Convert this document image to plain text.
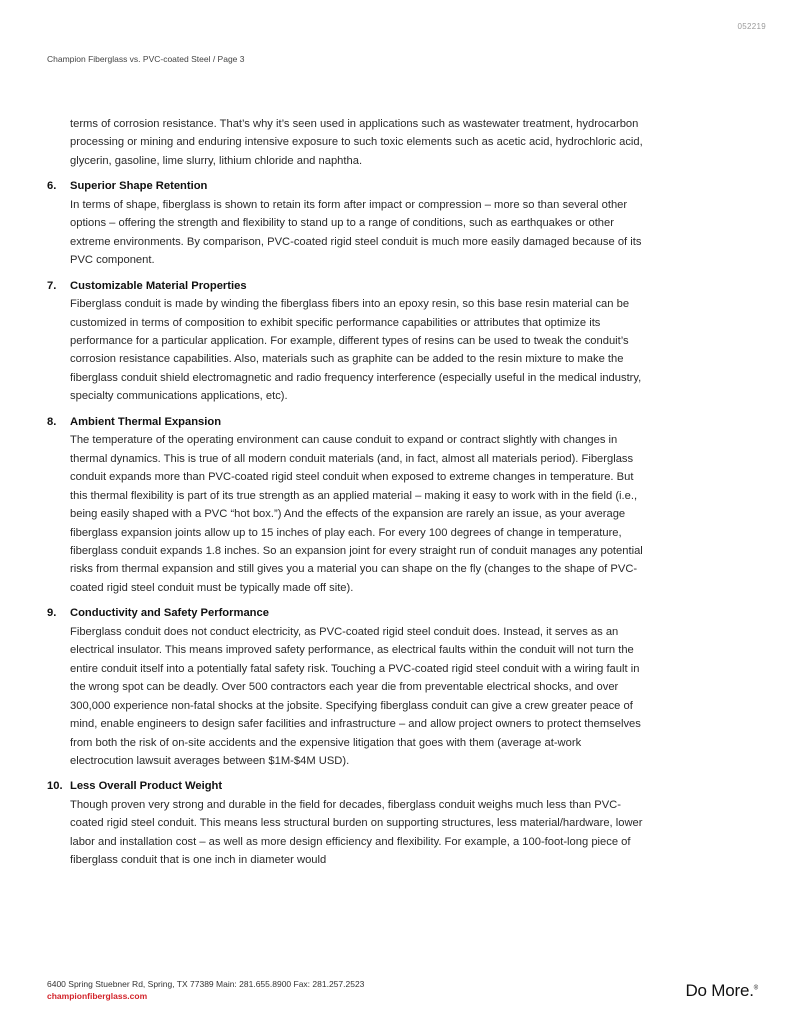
052219
Champion Fiberglass vs. PVC-coated Steel / Page 3

terms of corrosion resistance. That’s why it’s seen used in applications such as wastewater treatment, hydrocarbon processing or mining and enduring intensive exposure to such toxic elements such as acetic acid, hydrochloric acid, glycerin, gasoline, lime slurry, lithium chloride and naphtha.

6.	Superior Shape Retention

In terms of shape, fiberglass is shown to retain its form after impact or compression – more so than several other options – offering the strength and flexibility to stand up to a range of conditions, such as earthquakes or other extreme environments. By comparison, PVC-coated rigid steel conduit is much more easily damaged because of its PVC component.

7.	Customizable Material Properties

Fiberglass conduit is made by winding the fiberglass fibers into an epoxy resin, so this base resin material can be customized in terms of composition to exhibit specific performance capabilities or attributes that optimize its performance for a particular application. For example, different types of resins can be used to tweak the conduit’s corrosion resistance capabilities. Also, materials such as graphite can be added to the resin mixture to make the fiberglass conduit shield electromagnetic and radio frequency interference (especially useful in the medical industry, specialty communications applications, etc).

8.	Ambient Thermal Expansion

The temperature of the operating environment can cause conduit to expand or contract slightly with changes in thermal dynamics. This is true of all modern conduit materials (and, in fact, almost all materials period). Fiberglass conduit expands more than PVC-coated rigid steel conduit when exposed to extreme changes in temperature. But this thermal flexibility is part of its true strength as an applied material – making it easy to work with in the field (i.e., being easily shaped with a PVC “hot box.”) And the effects of the expansion are rarely an issue, as your average fiberglass expansion joints allow up to 15 inches of play each. For every 100 degrees of change in temperature, fiberglass conduit expands 1.8 inches. So an expansion joint for every straight run of conduit manages any potential risks from thermal expansion and still gives you a material you can shape on the fly (changes to the shape of PVC-coated rigid steel conduit must be typically made off site).

9.	Conductivity and Safety Performance

Fiberglass conduit does not conduct electricity, as PVC-coated rigid steel conduit does. Instead, it serves as an electrical insulator. This means improved safety performance, as electrical faults within the conduit will not turn the entire conduit itself into a potentially fatal safety risk. Touching a PVC-coated rigid steel conduit with a wiring fault in the wrong spot can be deadly. Over 500 contractors each year die from preventable electrical shocks, and over 300,000 experience non-fatal shocks at the jobsite. Specifying fiberglass conduit can give a crew greater peace of mind, enable engineers to design safer facilities and infrastructure – and allow project owners to protect themselves from both the risk of on-site accidents and the expensive litigation that goes with them (average at-work electrocution lawsuit averages between $1M-$4M USD).

10. Less Overall Product Weight

Though proven very strong and durable in the field for decades, fiberglass conduit weighs much less than PVC-coated rigid steel conduit. This means less structural burden on supporting structures, less material/hardware, lower labor and installation cost – as well as more design efficiency and flexibility. For example, a 100-foot-long piece of fiberglass conduit that is one inch in diameter would

6400 Spring Stuebner Rd, Spring, TX 77389 Main: 281.655.8900 Fax: 281.257.2523
championfiberglass.com	Do More.®
